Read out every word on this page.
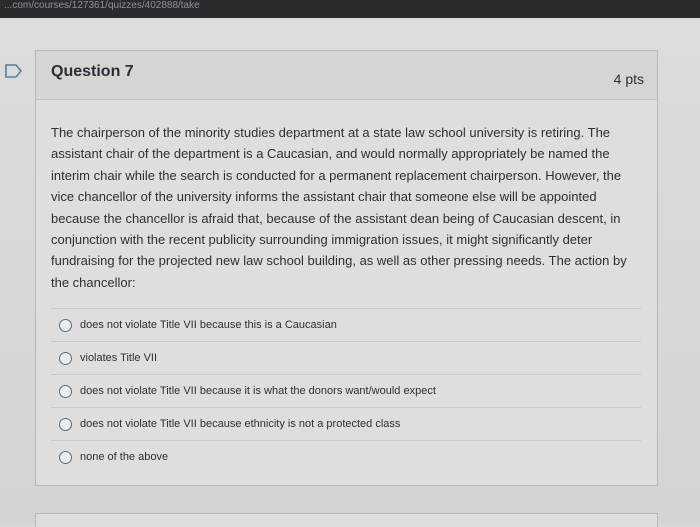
...com/courses/127361/quizzes/402888/take
Question 7	4 pts
The chairperson of the minority studies department at a state law school university is retiring. The assistant chair of the department is a Caucasian, and would normally appropriately be named the interim chair while the search is conducted for a permanent replacement chairperson. However, the vice chancellor of the university informs the assistant chair that someone else will be appointed because the chancellor is afraid that, because of the assistant dean being of Caucasian descent, in conjunction with the recent publicity surrounding immigration issues, it might significantly deter fundraising for the projected new law school building, as well as other pressing needs. The action by the chancellor:
does not violate Title VII because this is a Caucasian
violates Title VII
does not violate Title VII because it is what the donors want/would expect
does not violate Title VII because ethnicity is not a protected class
none of the above
